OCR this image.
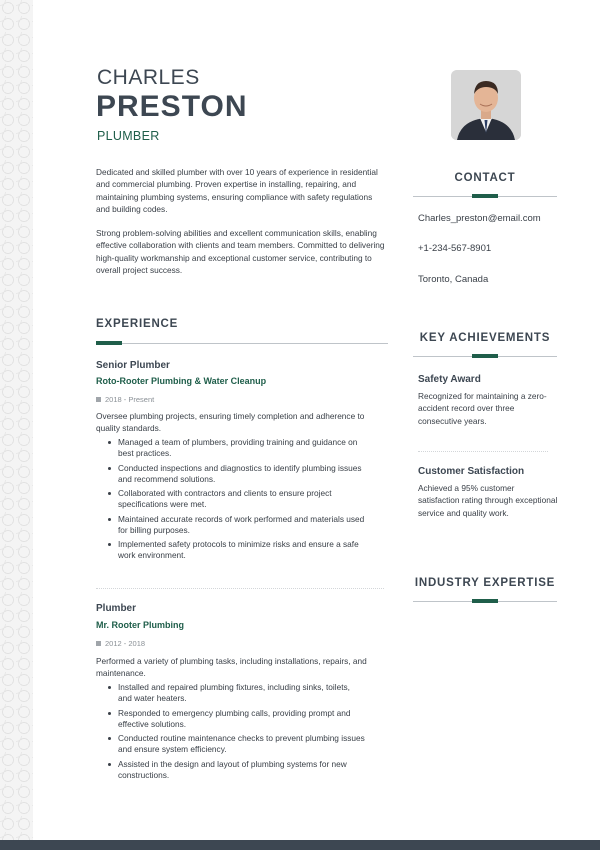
CHARLES
PRESTON
PLUMBER

Dedicated and skilled plumber with over 10 years of experience in residential and commercial plumbing. Proven expertise in installing, repairing, and maintaining plumbing systems, ensuring compliance with safety regulations and building codes.

Strong problem-solving abilities and excellent communication skills, enabling effective collaboration with clients and team members. Committed to delivering high-quality workmanship and exceptional customer service, contributing to overall project success.

EXPERIENCE
Senior Plumber
Roto-Rooter Plumbing & Water Cleanup
2018 - Present
Oversee plumbing projects, ensuring timely completion and adherence to quality standards.
Managed a team of plumbers, providing training and guidance on best practices.
Conducted inspections and diagnostics to identify plumbing issues and recommend solutions.
Collaborated with contractors and clients to ensure project specifications were met.
Maintained accurate records of work performed and materials used for billing purposes.
Implemented safety protocols to minimize risks and ensure a safe work environment.
Plumber
Mr. Rooter Plumbing
2012 - 2018
Performed a variety of plumbing tasks, including installations, repairs, and maintenance.
Installed and repaired plumbing fixtures, including sinks, toilets, and water heaters.
Responded to emergency plumbing calls, providing prompt and effective solutions.
Conducted routine maintenance checks to prevent plumbing issues and ensure system efficiency.
Assisted in the design and layout of plumbing systems for new constructions.
CONTACT
Charles_preston@email.com
+1-234-567-8901
Toronto, Canada
KEY ACHIEVEMENTS
Safety Award
Recognized for maintaining a zero-accident record over three consecutive years.
Customer Satisfaction
Achieved a 95% customer satisfaction rating through exceptional service and quality work.
INDUSTRY EXPERTISE
